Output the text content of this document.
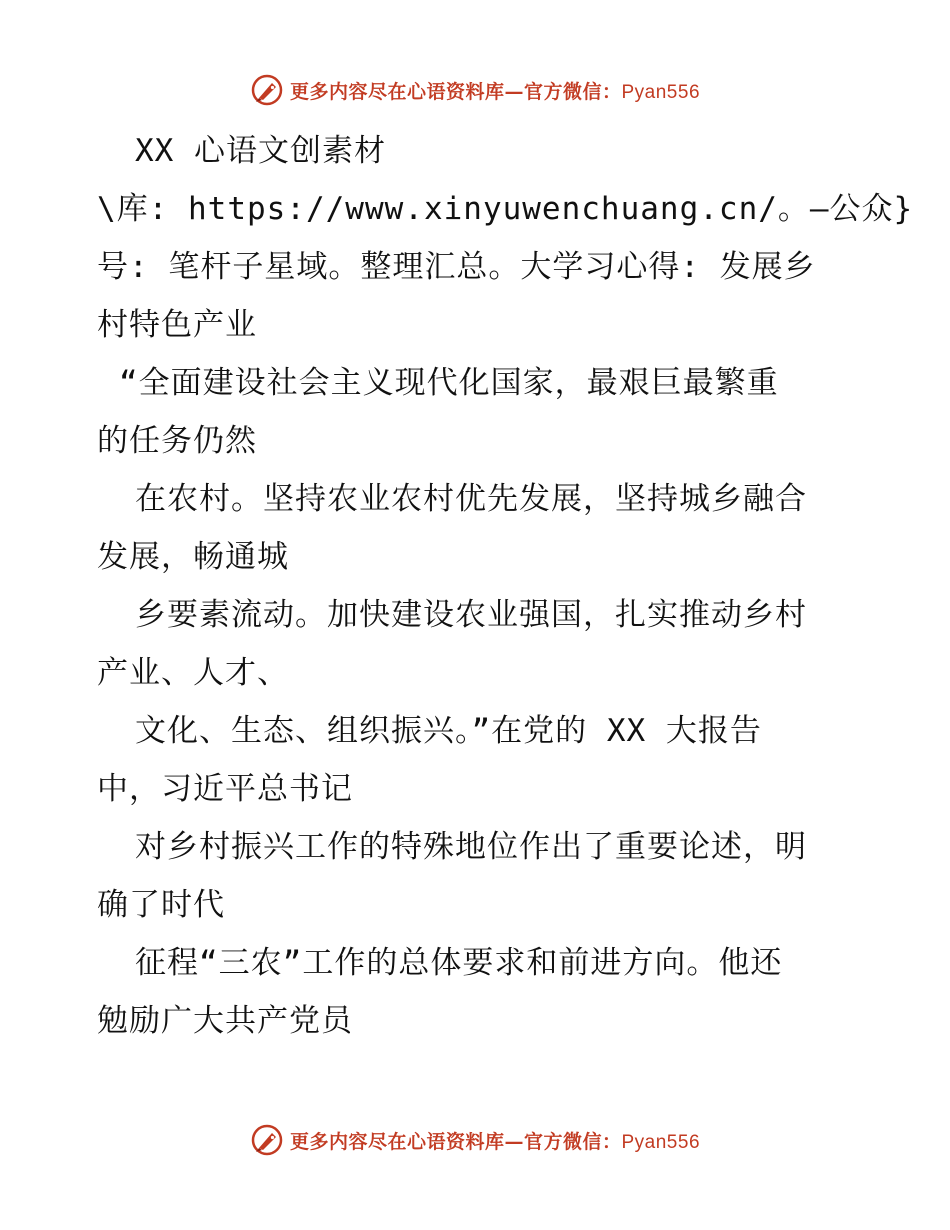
更多内容尽在心语资料库—官方微信：Pyan556
XX 心语文创素材
\库: https://www.xinyuwenchuang.cn/。—公众}
号: 笔杆子星域。整理汇总。大学习心得: 发展乡
村特色产业
“全面建设社会主义现代化国家，最艰巨最繁重
的任务仍然
在农村。坚持农业农村优先发展，坚持城乡融合
发展，畅通城
乡要素流动。加快建设农业强国，扎实推动乡村
产业、人才、
文化、生态、组织振兴。”在党的 XX 大报告
中，习近平总书记
对乡村振兴工作的特殊地位作出了重要论述，明
确了时代
征程“三农”工作的总体要求和前进方向。他还
勉励广大共产党员
更多内容尽在心语资料库—官方微信：Pyan556
